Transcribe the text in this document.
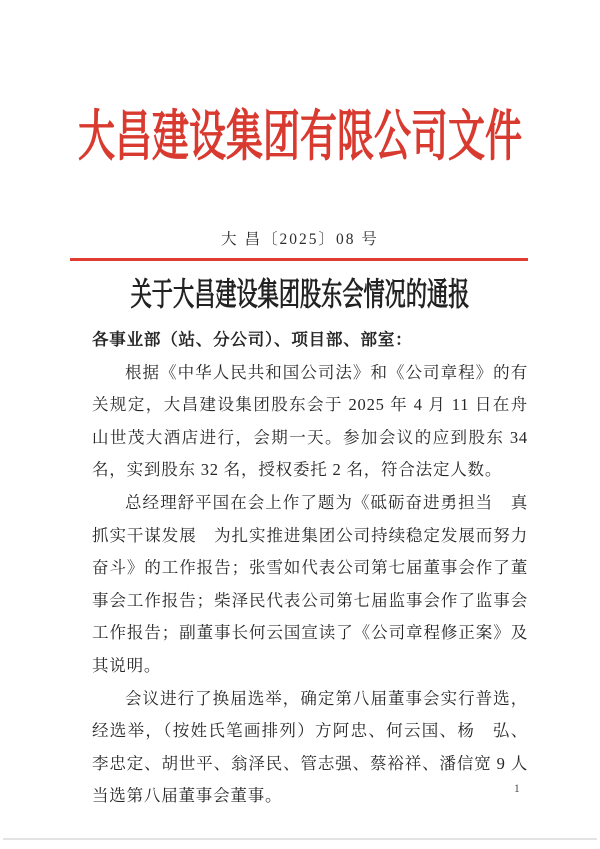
大昌建设集团有限公司文件
大 昌〔2025〕08 号
关于大昌建设集团股东会情况的通报

各事业部（站、分公司）、项目部、部室：

根据《中华人民共和国公司法》和《公司章程》的有关规定，大昌建设集团股东会于 2025 年 4 月 11 日在舟山世茂大酒店进行，会期一天。参加会议的应到股东 34 名，实到股东 32 名，授权委托 2 名，符合法定人数。

总经理舒平国在会上作了题为《砥砺奋进勇担当　真抓实干谋发展　为扎实推进集团公司持续稳定发展而努力奋斗》的工作报告；张雪如代表公司第七届董事会作了董事会工作报告；柴泽民代表公司第七届监事会作了监事会工作报告；副董事长何云国宣读了《公司章程修正案》及其说明。

会议进行了换届选举，确定第八届董事会实行普选，经选举，（按姓氏笔画排列）方阿忠、何云国、杨　弘、李忠定、胡世平、翁泽民、管志强、蔡裕祥、潘信宽 9 人当选第八届董事会董事。	1
